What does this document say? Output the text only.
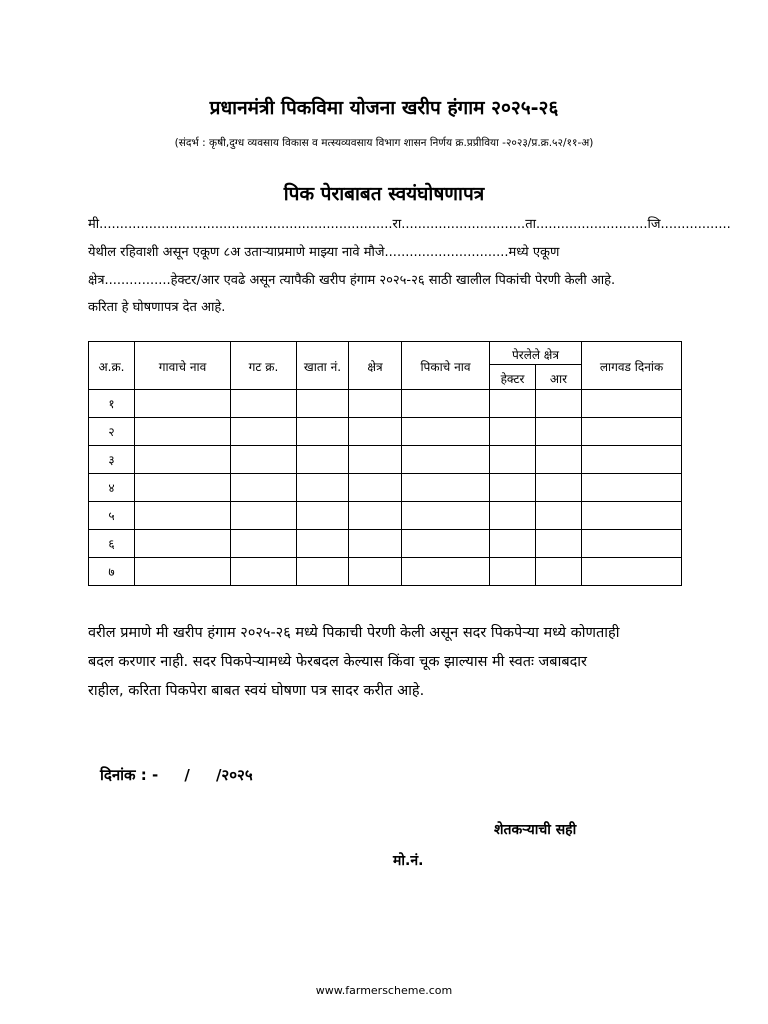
प्रधानमंत्री पिकविमा योजना खरीप हंगाम २०२५-२६
(संदर्भ : कृषी,दुग्ध व्यवसाय विकास व मत्स्यव्यवसाय विभाग शासन निर्णय क्र.प्रप्रीविया -२०२३/प्र.क्र.५२/११-अ)
पिक पेराबाबत स्वयंघोषणापत्र
मी.......................................................................रा..............................ता...........................जि.................
येथील रहिवाशी असून एकूण ८अ उताऱ्याप्रमाणे माझ्या नावे मौजे..............................मध्ये एकूण
क्षेत्र................हेक्टर/आर एवढे असून त्यापैकी खरीप हंगाम २०२५-२६ साठी खालील पिकांची पेरणी केली आहे.
करिता हे घोषणापत्र देत आहे.
अ.क्र.	गावाचे नाव	गट क्र.	खाता नं.	क्षेत्र	पिकाचे नाव	पेरलेले क्षेत्र		लागवड दिनांक
						हेक्टर	आर	
१								
२								
३								
४								
५								
६								
७								
वरील प्रमाणे मी खरीप हंगाम २०२५-२६ मध्ये पिकाची पेरणी केली असून सदर पिकपेऱ्या मध्ये कोणताही
बदल करणार नाही. सदर पिकपेऱ्यामध्ये फेरबदल केल्यास किंवा चूक झाल्यास मी स्वतः जबाबदार
राहील, करिता पिकपेरा बाबत स्वयं घोषणा पत्र सादर करीत आहे.
दिनांक : -     /     /२०२५
शेतकऱ्याची सही
मो.नं.
www.farmerscheme.com
